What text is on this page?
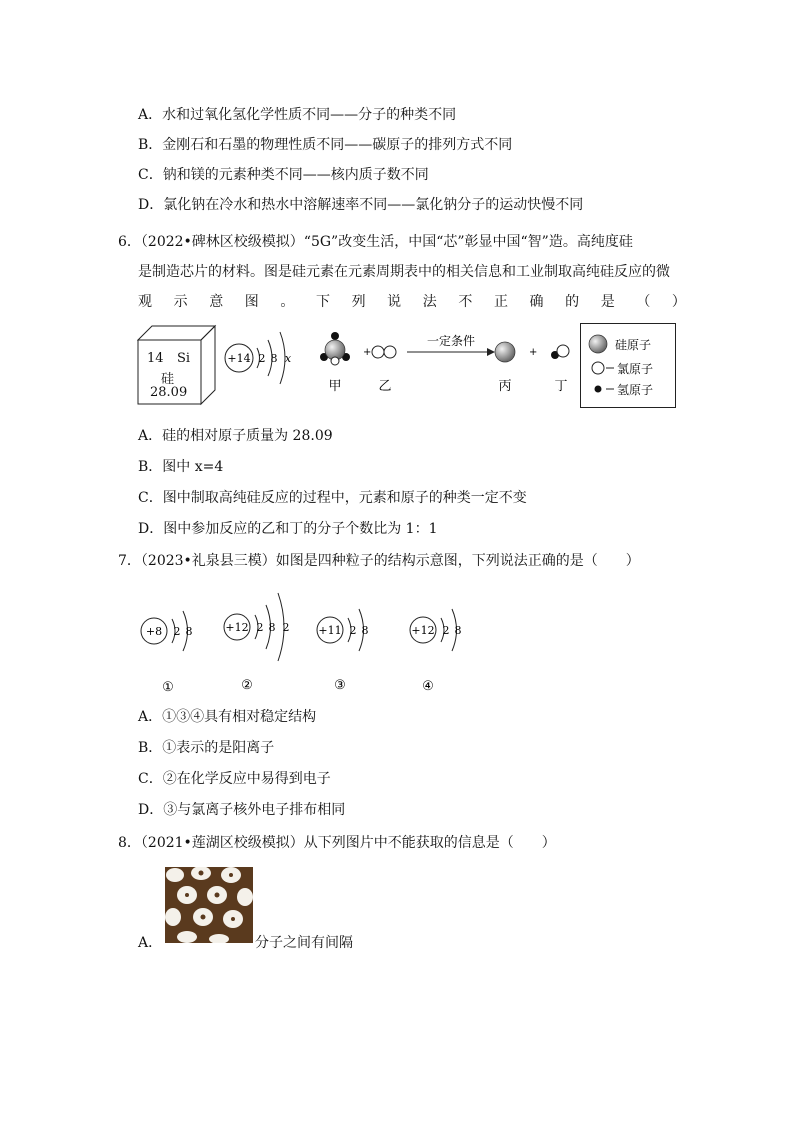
A．水和过氧化氢化学性质不同——分子的种类不同
B．金刚石和石墨的物理性质不同——碳原子的排列方式不同
C．钠和镁的元素种类不同——核内质子数不同
D．氯化钠在冷水和热水中溶解速率不同——氯化钠分子的运动快慢不同
6．（2022•碑林区校级模拟）“5G”改变生活，中国“芯”彰显中国“智”造。高纯度硅
是制造芯片的材料。图是硅元素在元素周期表中的相关信息和工业制取高纯硅反应的微
观 示 意 图 。 下 列 说 法 不 正 确 的 是 （ ）
14 Si
硅
28.09
+14 2 8 x	+
一定条件
+
甲	乙	丙	丁
硅原子
氯原子
氢原子
A．硅的相对原子质量为 28.09
B．图中 x=4
C．图中制取高纯硅反应的过程中，元素和原子的种类一定不变
D．图中参加反应的乙和丁的分子个数比为 1：1
7．（2023•礼泉县三模）如图是四种粒子的结构示意图，下列说法正确的是（　　）
+8 2 8	+12 2 8 2	+11 2 8	+12 2 8
①	②	③	④
A．①③④具有相对稳定结构
B．①表示的是阳离子
C．②在化学反应中易得到电子
D．③与氯离子核外电子排布相同
8．（2021•莲湖区校级模拟）从下列图片中不能获取的信息是（　　）
A．	分子之间有间隔
